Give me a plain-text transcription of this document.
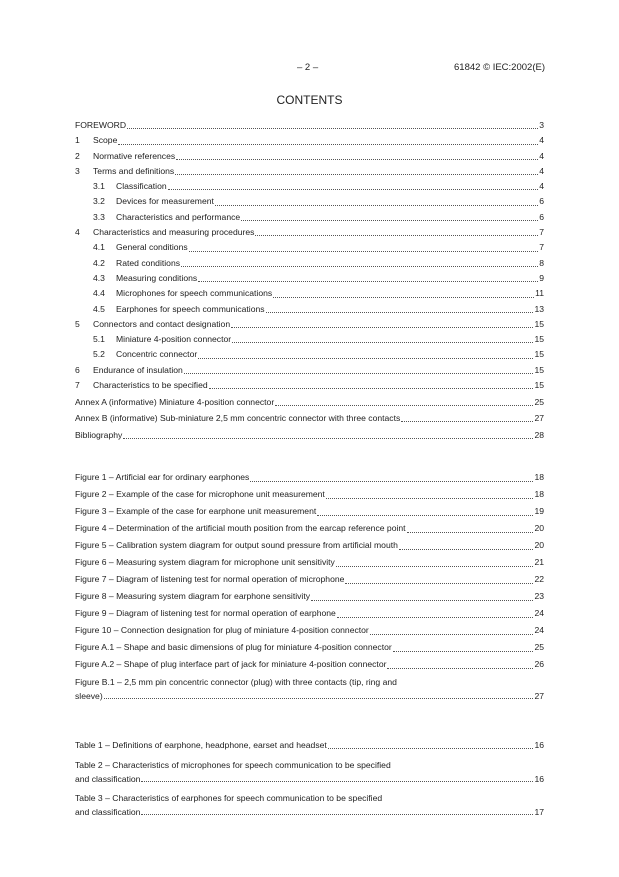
– 2 –	61842 © IEC:2002(E)
CONTENTS
FOREWORD	3
1 Scope	4
2 Normative references	4
3 Terms and definitions	4
3.1 Classification	4
3.2 Devices for measurement	6
3.3 Characteristics and performance	6
4 Characteristics and measuring procedures	7
4.1 General conditions	7
4.2 Rated conditions	8
4.3 Measuring conditions	9
4.4 Microphones for speech communications	11
4.5 Earphones for speech communications	13
5 Connectors and contact designation	15
5.1 Miniature 4-position connector	15
5.2 Concentric connector	15
6 Endurance of insulation	15
7 Characteristics to be specified	15
Annex A (informative) Miniature 4-position connector	25
Annex B (informative) Sub-miniature 2,5 mm concentric connector with three contacts	27
Bibliography	28
Figure 1 – Artificial ear for ordinary earphones	18
Figure 2 – Example of the case for microphone unit measurement	18
Figure 3 – Example of the case for earphone unit measurement	19
Figure 4 – Determination of the artificial mouth position from the earcap reference point	20
Figure 5 – Calibration system diagram for output sound pressure from artificial mouth	20
Figure 6 – Measuring system diagram for microphone unit sensitivity	21
Figure 7 – Diagram of listening test for normal operation of microphone	22
Figure 8 – Measuring system diagram for earphone sensitivity	23
Figure 9 – Diagram of listening test for normal operation of earphone	24
Figure 10 – Connection designation for plug of miniature 4-position connector	24
Figure A.1 – Shape and basic dimensions of plug for miniature 4-position connector	25
Figure A.2 – Shape of plug interface part of jack for miniature 4-position connector	26
Figure B.1 – 2,5 mm pin concentric connector (plug) with three contacts (tip, ring and
sleeve)	27
Table 1 – Definitions of earphone, headphone, earset and headset	16
Table 2 – Characteristics of microphones for speech communication to be specified
and classification	16
Table 3 – Characteristics of earphones for speech communication to be specified
and classification	17
